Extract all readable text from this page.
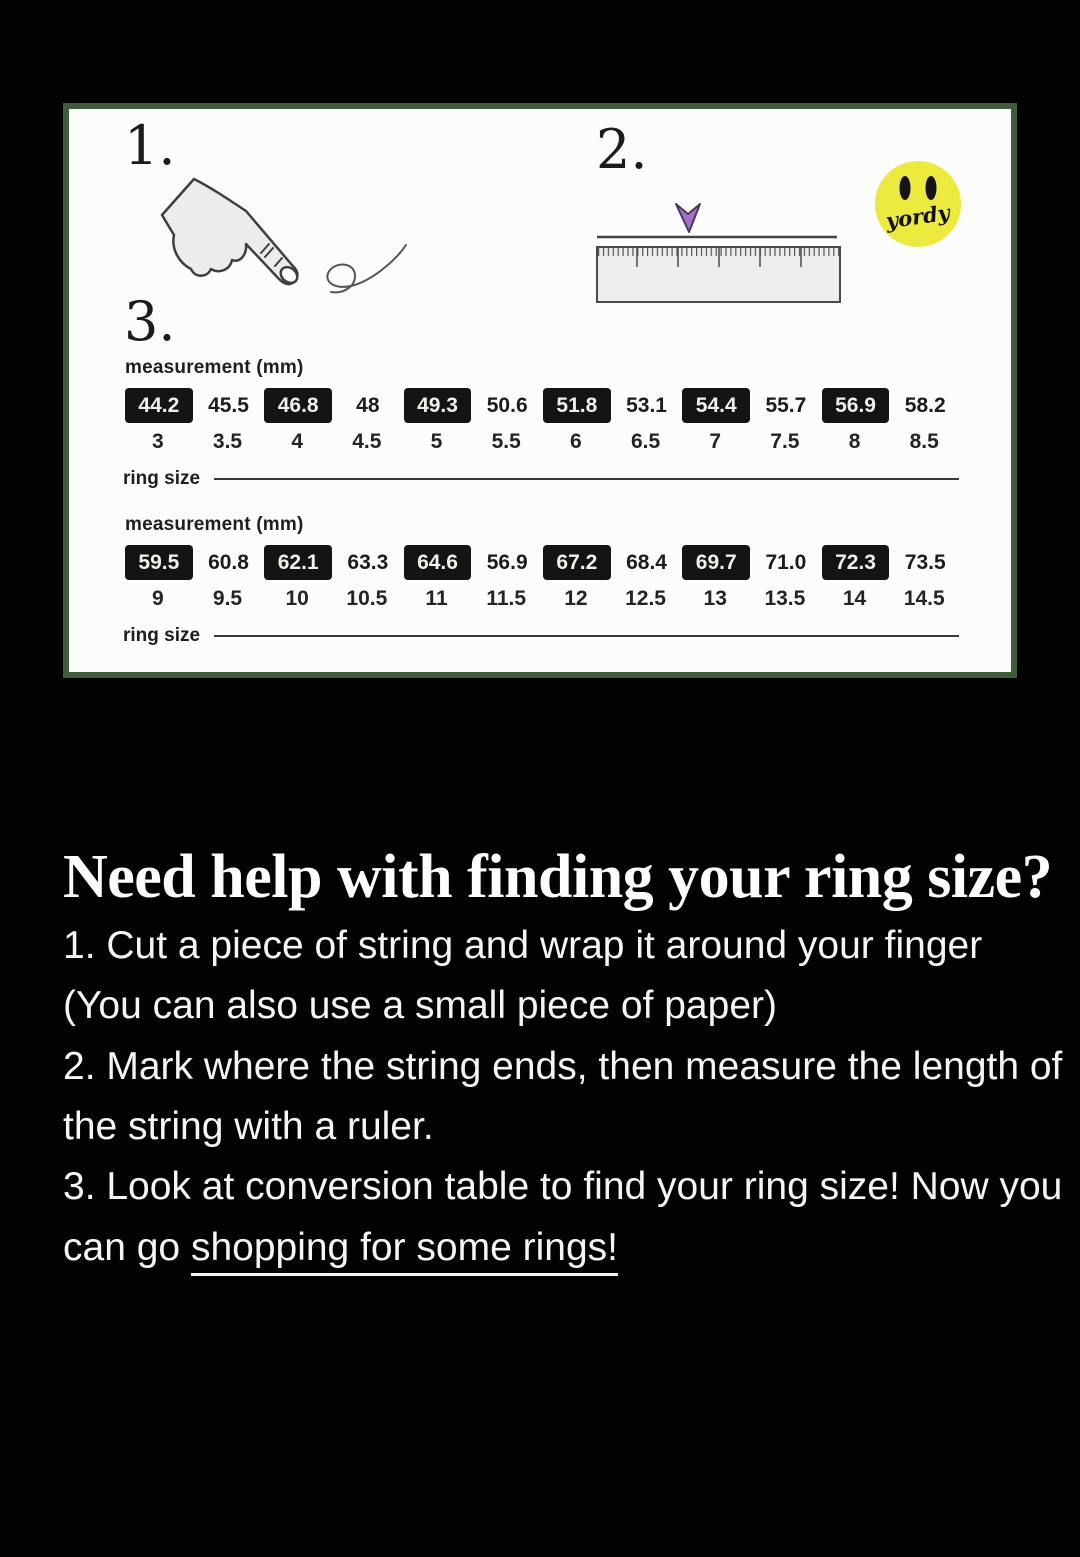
1.	2.
3.
yordy
measurement (mm)
44.2	45.5	46.8	48	49.3	50.6	51.8	53.1	54.4	55.7	56.9	58.2
3	3.5	4	4.5	5	5.5	6	6.5	7	7.5	8	8.5
ring size
measurement (mm)
59.5	60.8	62.1	63.3	64.6	56.9	67.2	68.4	69.7	71.0	72.3	73.5
9	9.5	10	10.5	11	11.5	12	12.5	13	13.5	14	14.5
ring size
Need help with finding your ring size?

1. Cut a piece of string and wrap it around your finger (You can also use a small piece of paper)

2. Mark where the string ends, then measure the length of the string with a ruler.

3. Look at conversion table to find your ring size! Now you can go shopping for some rings!
